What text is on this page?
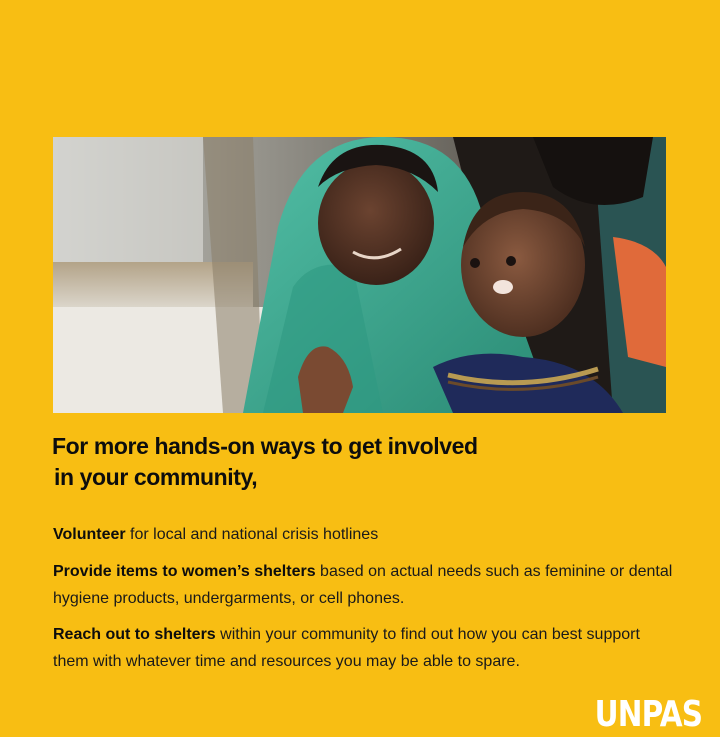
For more hands-on ways to get involved
in your community,

Volunteer for local and national crisis hotlines

Provide items to women’s shelters based on actual needs such as feminine or dental hygiene products, undergarments, or cell phones.

Reach out to shelters within your community to find out how you can best support them with whatever time and resources you may be able to spare.

UNPAS
